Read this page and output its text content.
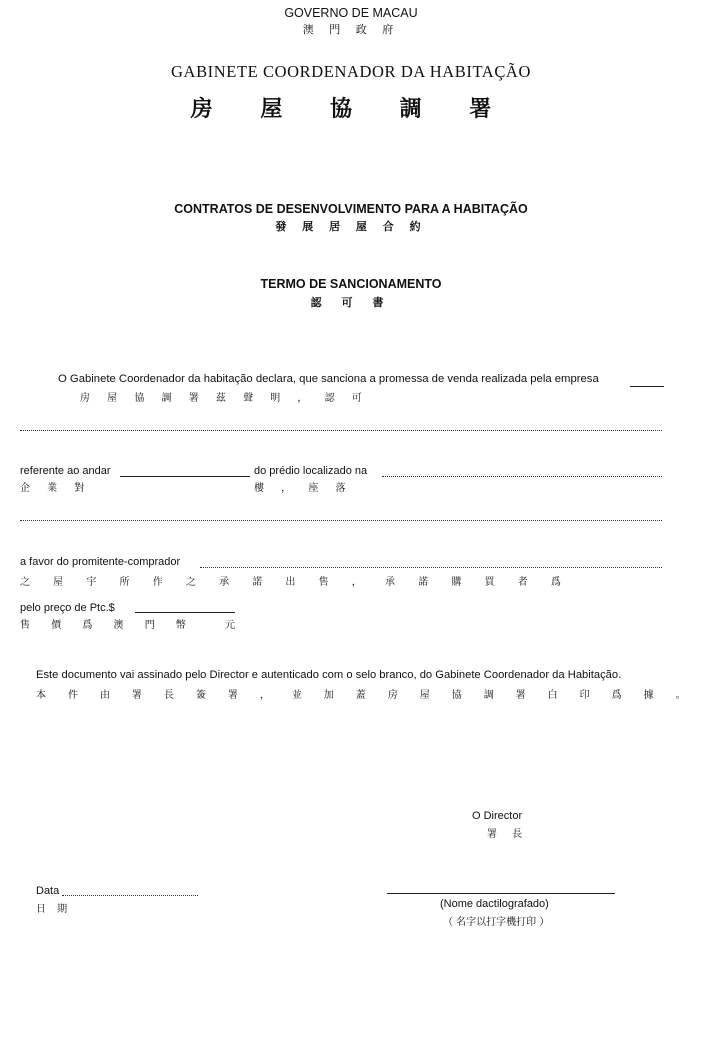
GOVERNO DE MACAU
澳 門 政 府
GABINETE COORDENADOR DA HABITAÇÃO
房 屋 協 調 署
CONTRATOS DE DESENVOLVIMENTO PARA A HABITAÇÃO
發 展 居 屋 合 約
TERMO DE SANCIONAMENTO
認 可 書
O Gabinete Coordenador da habitação declara, que sanciona a promessa de venda realizada pela empresa
房 屋 協 調 署 茲 聲 明 ， 認 可
referente ao andar	do prédio localizado na
企 業 對	樓 ， 座 落
a favor do promitente-comprador
之 屋 宇 所 作 之 承 諾 出 售 ， 承 諾 購 買 者 爲
pelo preço de Ptc.$
售 價 爲 澳 門 幣	元
Este documento vai assinado pelo Director e autenticado com o selo branco, do Gabinete Coordenador da Habitação.
本 件 由 署 長 簽 署 ， 並 加 蓋 房 屋 協 調 署 白 印 爲 據 。
O Director
署 長
Data
日 期	(Nome dactilografado)
（ 名字以打字機打印 ）
